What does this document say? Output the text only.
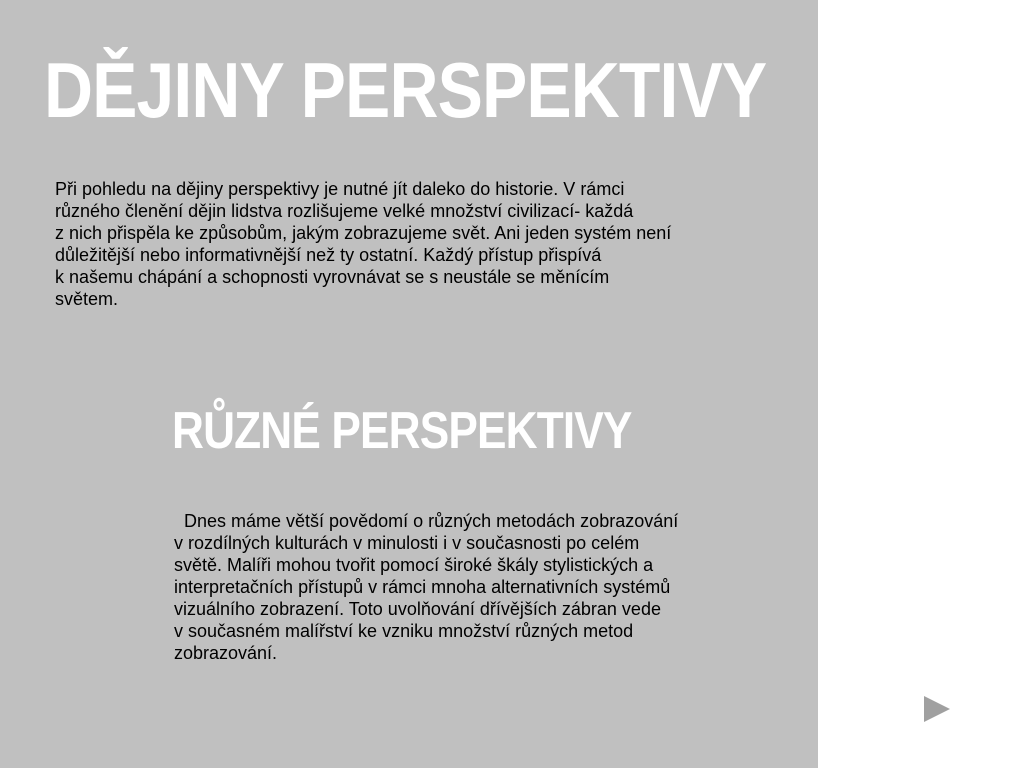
DĚJINY PERSPEKTIVY

Při pohledu na dějiny perspektivy je nutné jít daleko do historie. V rámci
různého členění dějin lidstva rozlišujeme velké množství civilizací- každá
z nich přispěla ke způsobům, jakým zobrazujeme svět. Ani jeden systém není
důležitější nebo informativnější než ty ostatní. Každý přístup přispívá
k našemu chápání a schopnosti vyrovnávat se s neustále se měnícím
světem.

RŮZNÉ PERSPEKTIVY

Dnes máme větší povědomí o různých metodách zobrazování
v rozdílných kulturách v minulosti i v současnosti po celém
světě. Malíři mohou tvořit pomocí široké škály stylistických a
interpretačních přístupů v rámci mnoha alternativních systémů
vizuálního zobrazení. Toto uvolňování dřívějších zábran vede
v současném malířství ke vzniku množství různých metod
zobrazování.
